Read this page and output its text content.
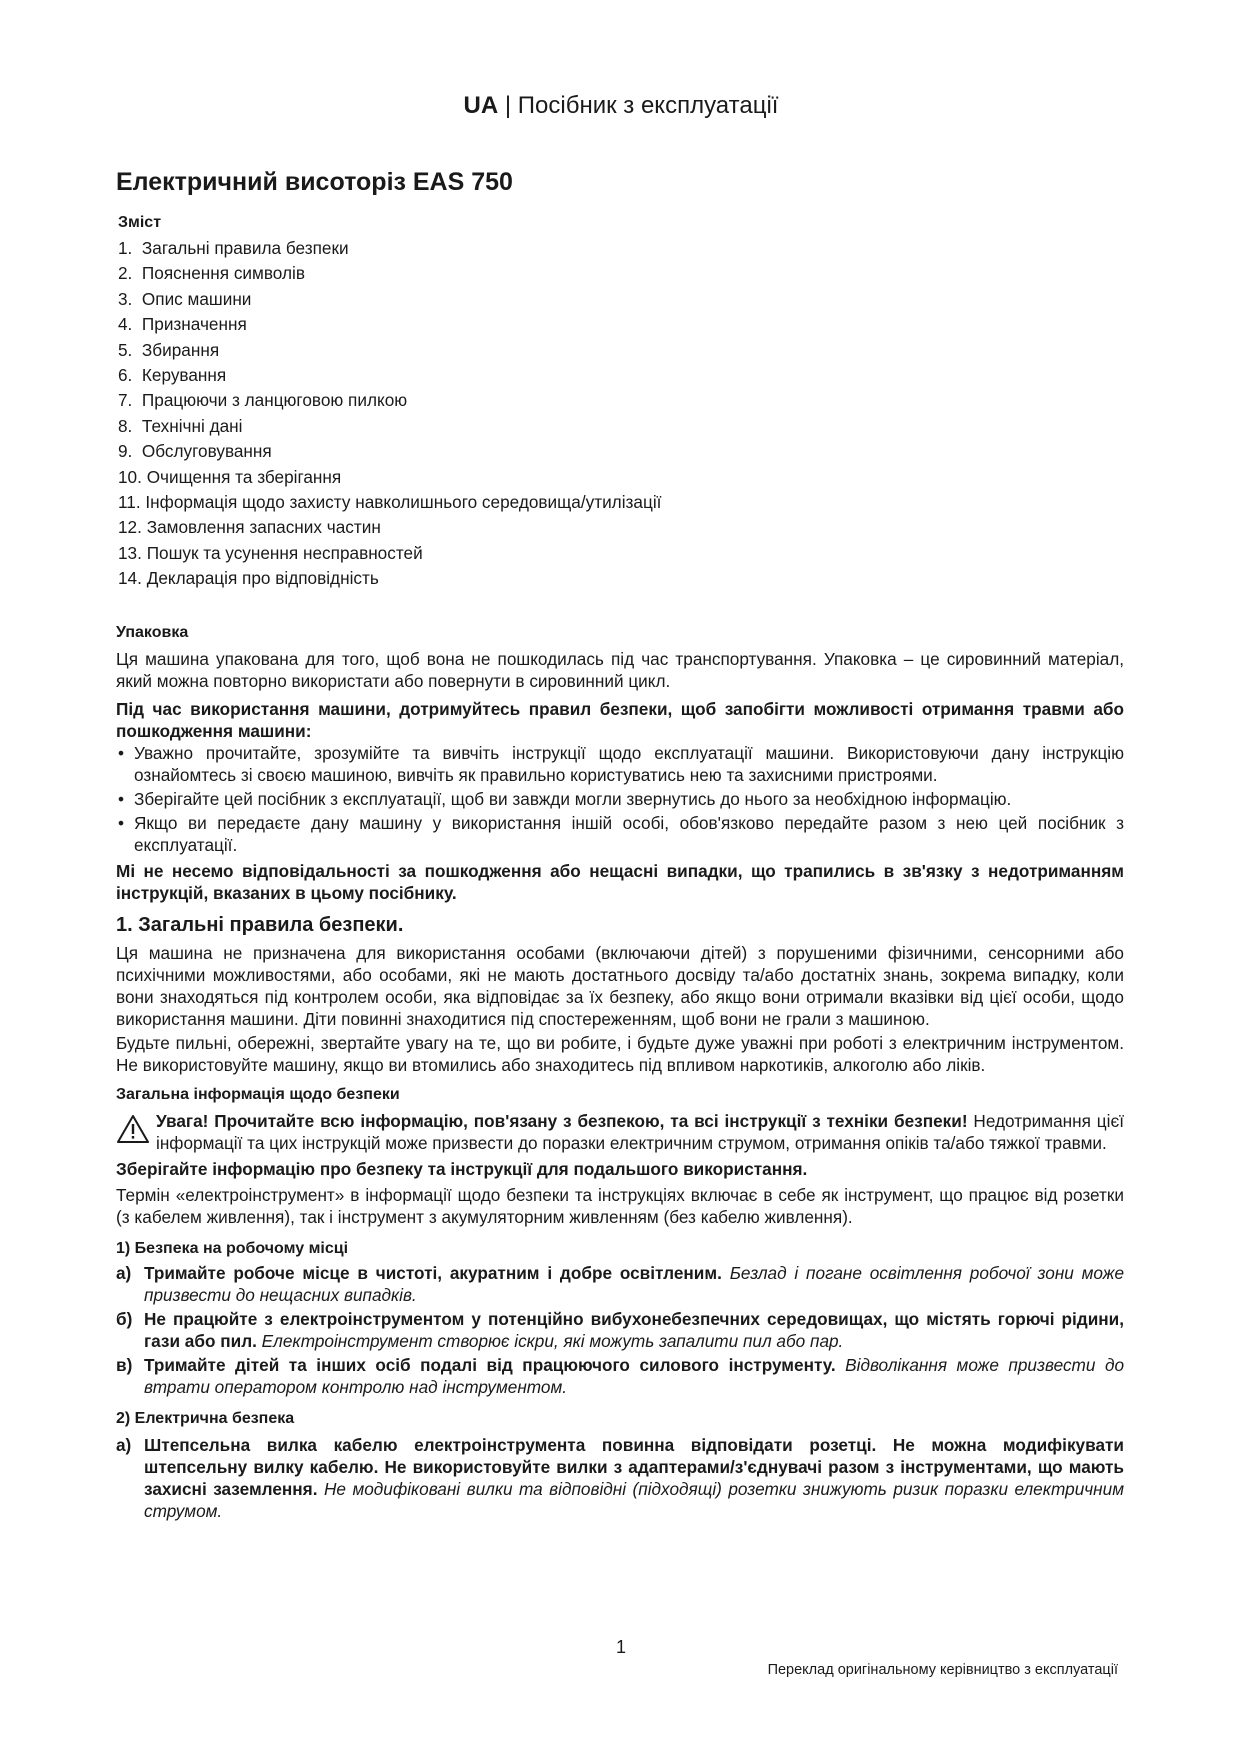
UA | Посібник з експлуатації
Електричний висоторіз EAS 750
Зміст
1. Загальні правила безпеки
2. Пояснення символів
3. Опис машини
4. Призначення
5. Збирання
6. Керування
7. Працюючи з ланцюговою пилкою
8. Технічні дані
9. Обслуговування
10. Очищення та зберігання
11. Інформація щодо захисту навколишнього середовища/утилізації
12. Замовлення запасних частин
13. Пошук та усунення несправностей
14. Декларація про відповідність

Упаковка

Ця машина упакована для того, щоб вона не пошкодилась під час транспортування. Упаковка – це сировинний матеріал, який можна повторно використати або повернути в сировинний цикл.

Під час використання машини, дотримуйтесь правил безпеки, щоб запобігти можливості отримання травми або пошкодження машини:

• Уважно прочитайте, зрозумійте та вивчіть інструкції щодо експлуатації машини. Використовуючи дану інструкцію ознайомтесь зі своєю машиною, вивчіть як правильно користуватись нею та захисними пристроями.
• Зберігайте цей посібник з експлуатації, щоб ви завжди могли звернутись до нього за необхідною інформацію.
• Якщо ви передаєте дану машину у використання іншій особі, обов'язково передайте разом з нею цей посібник з експлуатації.

Мі не несемо відповідальності за пошкодження або нещасні випадки, що трапились в зв'язку з недотриманням інструкцій, вказаних в цьому посібнику.

1. Загальні правила безпеки.

Ця машина не призначена для використання особами (включаючи дітей) з порушеними фізичними, сенсорними або психічними можливостями, або особами, які не мають достатнього досвіду та/або достатніх знань, зокрема випадку, коли вони знаходяться під контролем особи, яка відповідає за їх безпеку, або якщо вони отримали вказівки від цієї особи, щодо використання машини. Діти повинні знаходитися під спостереженням, щоб вони не грали з машиною.

Будьте пильні, обережні, звертайте увагу на те, що ви робите, і будьте дуже уважні при роботі з електричним інструментом. Не використовуйте машину, якщо ви втомились або знаходитесь під впливом наркотиків, алкоголю або ліків.

Загальна інформація щодо безпеки

Увага! Прочитайте всю інформацію, пов'язану з безпекою, та всі інструкції з техніки безпеки! Недотримання цієї інформації та цих інструкцій може призвести до поразки електричним струмом, отримання опіків та/або тяжкої травми.

Зберігайте інформацію про безпеку та інструкції для подальшого використання.

Термін «електроінструмент» в інформації щодо безпеки та інструкціях включає в себе як інструмент, що працює від розетки (з кабелем живлення), так і інструмент з акумуляторним живленням (без кабелю живлення).

1) Безпека на робочому місці

а) Тримайте робоче місце в чистоті, акуратним і добре освітленим. Безлад і погане освітлення робочої зони може призвести до нещасних випадків.
б) Не працюйте з електроінструментом у потенційно вибухонебезпечних середовищах, що містять горючі рідини, гази або пил. Електроінструмент створює іскри, які можуть запалити пил або пар.
в) Тримайте дітей та інших осіб подалі від працюючого силового інструменту. Відволікання може призвести до втрати оператором контролю над інструментом.

2) Електрична безпека

а) Штепсельна вилка кабелю електроінструмента повинна відповідати розетці. Не можна модифікувати штепсельну вилку кабелю. Не використовуйте вилки з адаптерами/з'єднувачі разом з інструментами, що мають захисні заземлення. Не модифіковані вилки та відповідні (підходящі) розетки знижують ризик поразки електричним струмом.
1
Переклад оригінальному керівництво з експлуатації
